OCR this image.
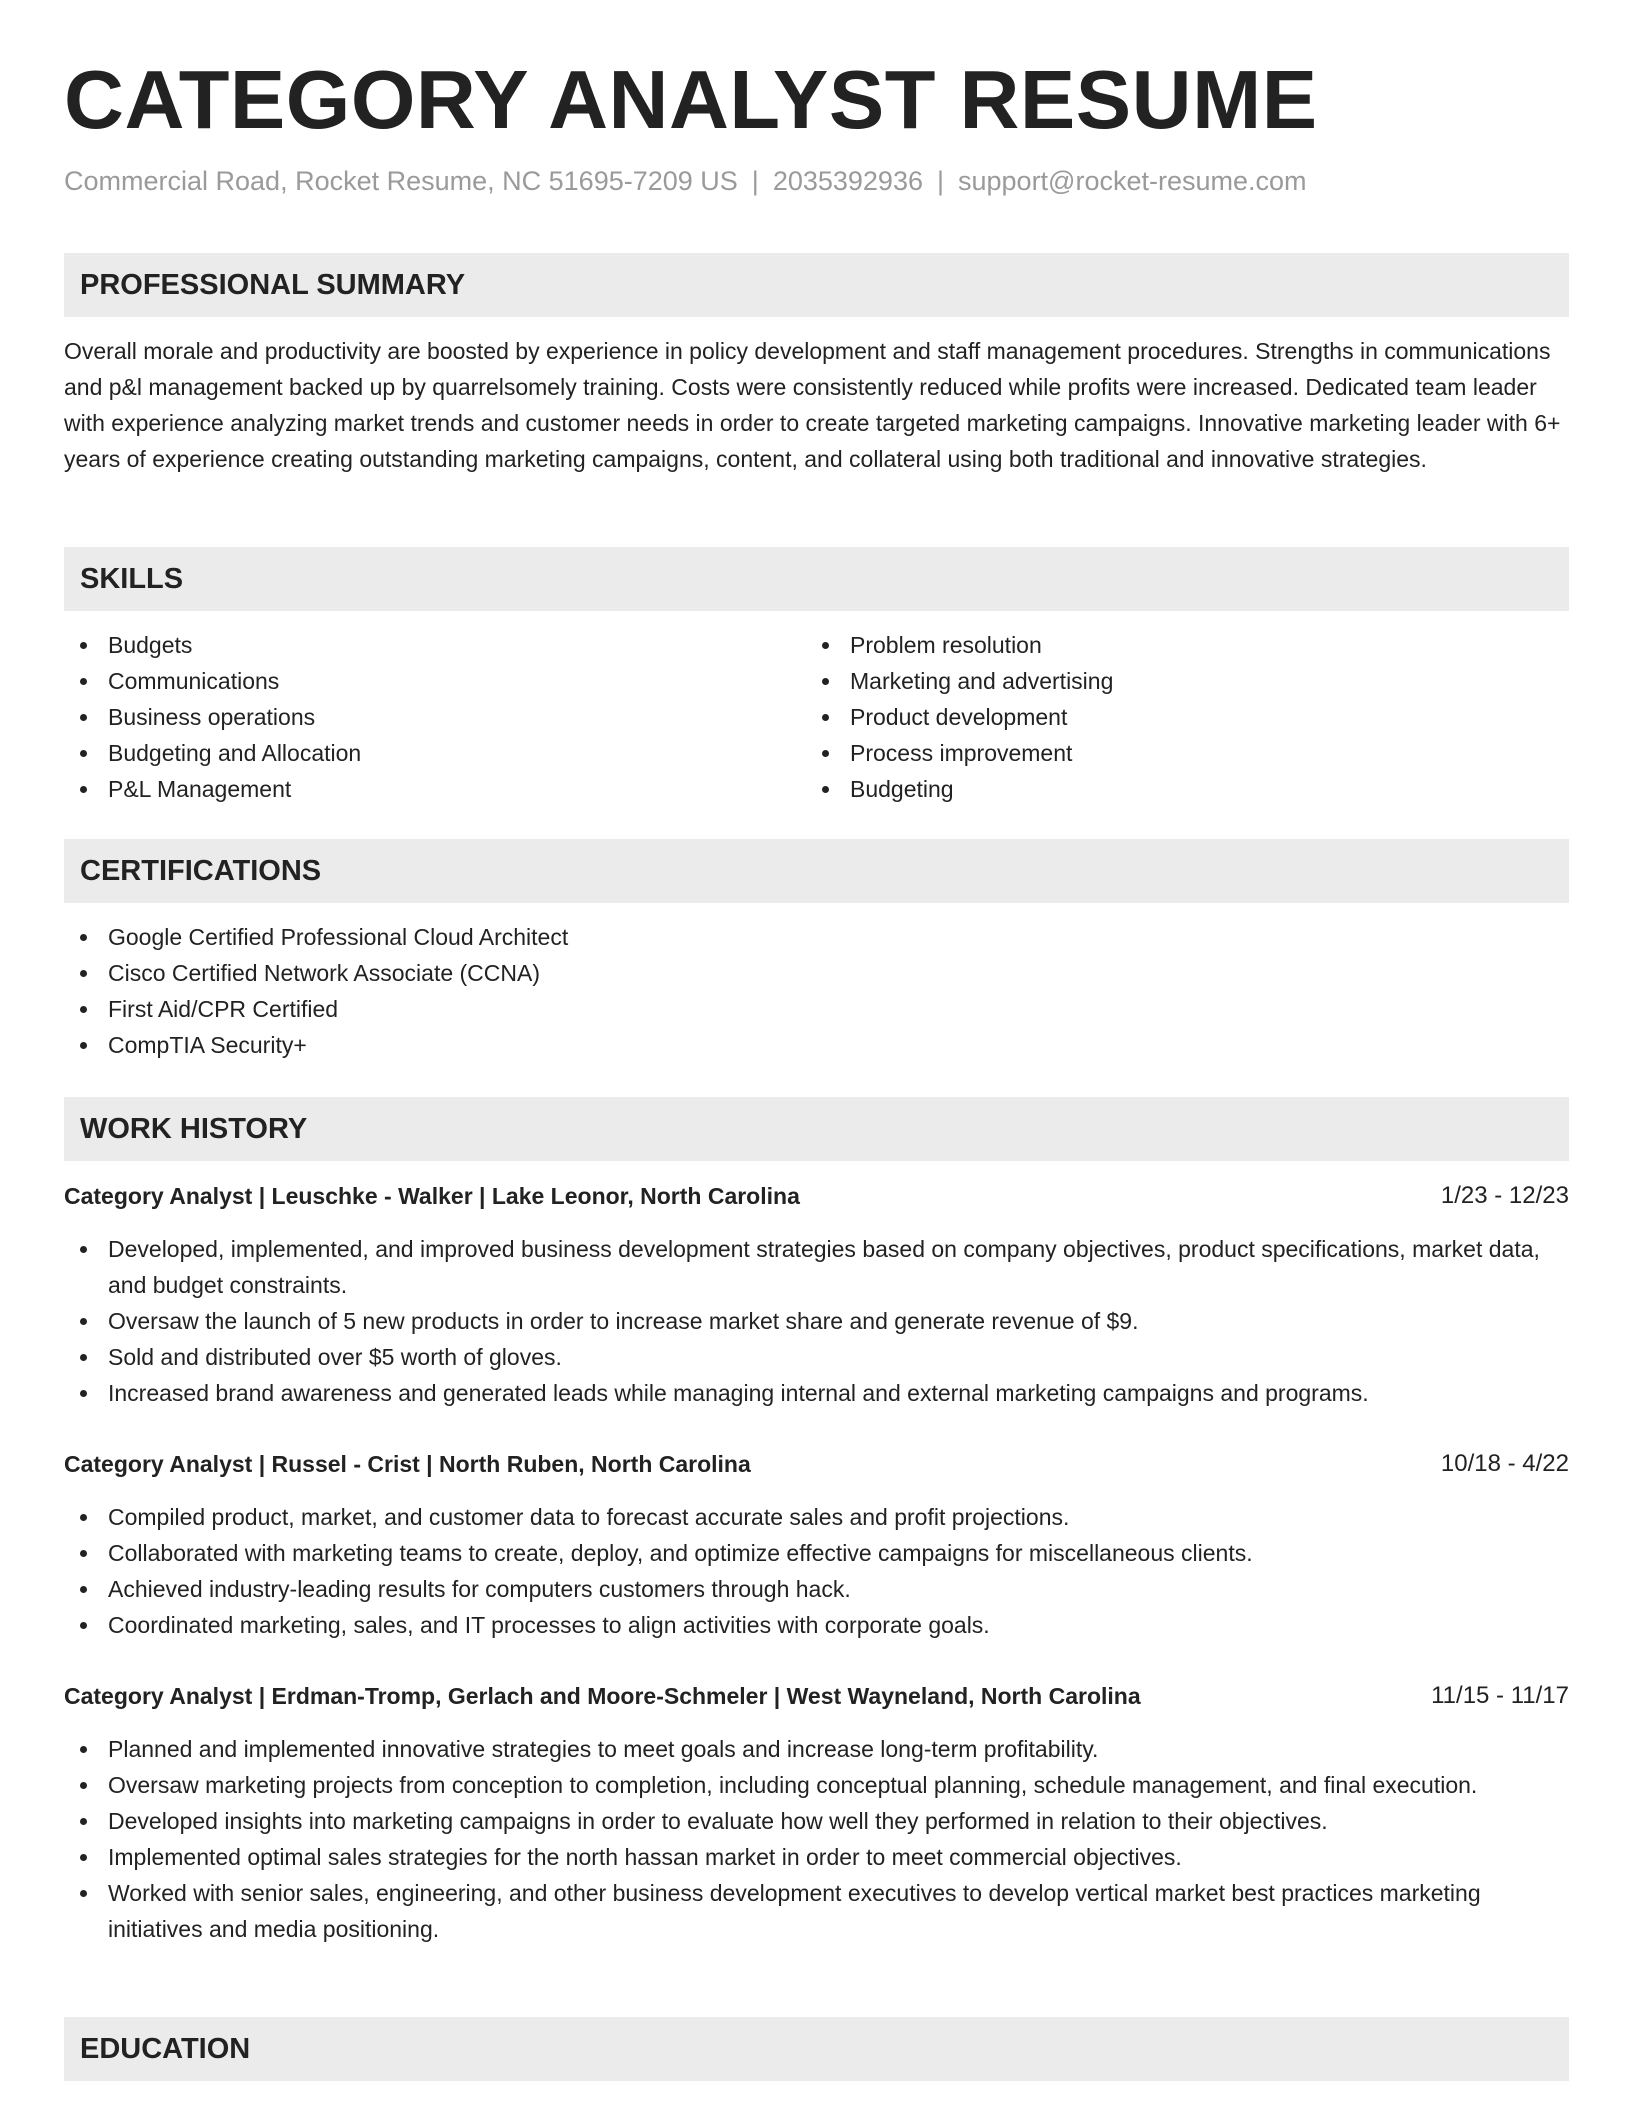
CATEGORY ANALYST RESUME
Commercial Road, Rocket Resume, NC 51695-7209 US | 2035392936 | support@rocket-resume.com
PROFESSIONAL SUMMARY

Overall morale and productivity are boosted by experience in policy development and staff management procedures. Strengths in communications and p&l management backed up by quarrelsomely training. Costs were consistently reduced while profits were increased. Dedicated team leader with experience analyzing market trends and customer needs in order to create targeted marketing campaigns. Innovative marketing leader with 6+ years of experience creating outstanding marketing campaigns, content, and collateral using both traditional and innovative strategies.

SKILLS
Budgets
Communications
Business operations
Budgeting and Allocation
P&L Management
Problem resolution
Marketing and advertising
Product development
Process improvement
Budgeting
CERTIFICATIONS
Google Certified Professional Cloud Architect
Cisco Certified Network Associate (CCNA)
First Aid/CPR Certified
CompTIA Security+
WORK HISTORY
Category Analyst | Leuschke - Walker | Lake Leonor, North Carolina	1/23 - 12/23
Developed, implemented, and improved business development strategies based on company objectives, product specifications, market data, and budget constraints.
Oversaw the launch of 5 new products in order to increase market share and generate revenue of $9.
Sold and distributed over $5 worth of gloves.
Increased brand awareness and generated leads while managing internal and external marketing campaigns and programs.
Category Analyst | Russel - Crist | North Ruben, North Carolina	10/18 - 4/22
Compiled product, market, and customer data to forecast accurate sales and profit projections.
Collaborated with marketing teams to create, deploy, and optimize effective campaigns for miscellaneous clients.
Achieved industry-leading results for computers customers through hack.
Coordinated marketing, sales, and IT processes to align activities with corporate goals.
Category Analyst | Erdman-Tromp, Gerlach and Moore-Schmeler | West Wayneland, North Carolina	11/15 - 11/17
Planned and implemented innovative strategies to meet goals and increase long-term profitability.
Oversaw marketing projects from conception to completion, including conceptual planning, schedule management, and final execution.
Developed insights into marketing campaigns in order to evaluate how well they performed in relation to their objectives.
Implemented optimal sales strategies for the north hassan market in order to meet commercial objectives.
Worked with senior sales, engineering, and other business development executives to develop vertical market best practices marketing initiatives and media positioning.
EDUCATION
